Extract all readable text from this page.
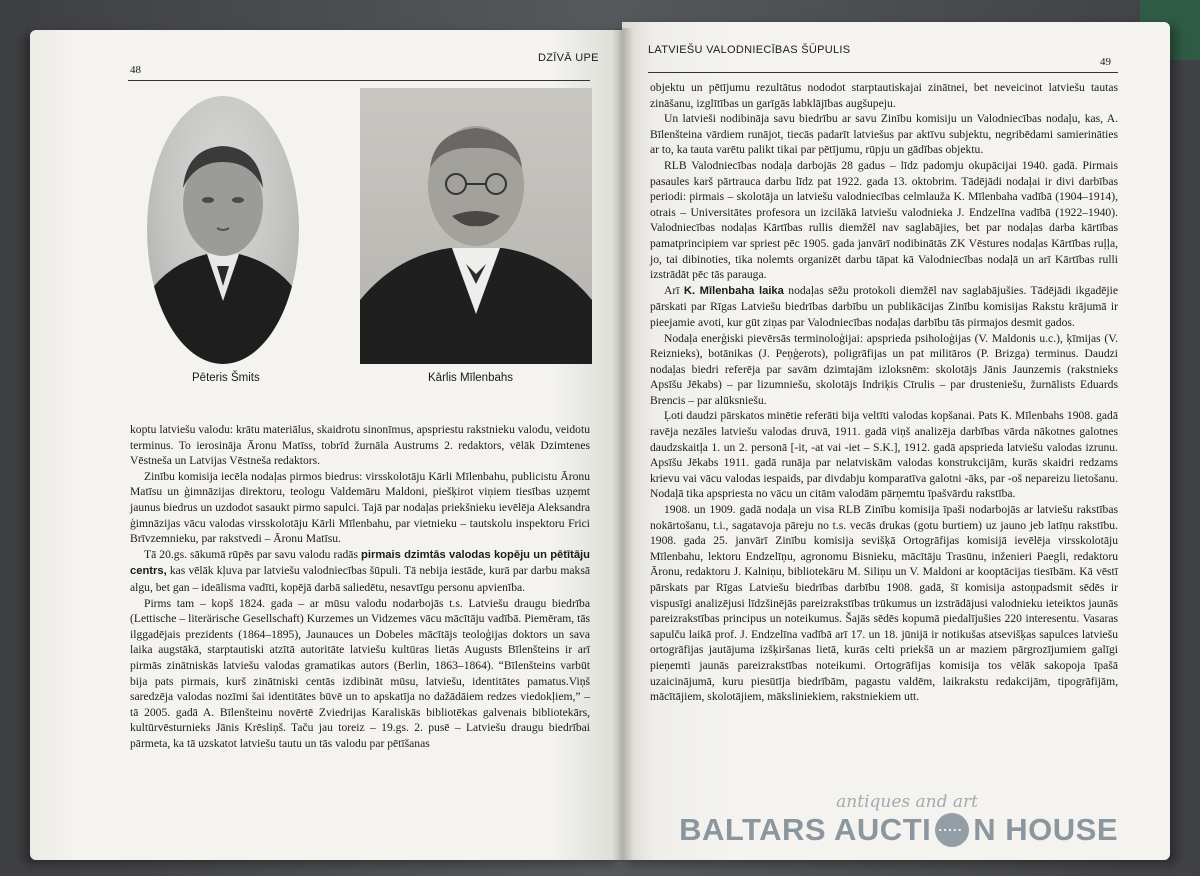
48
DZĪVĀ UPE
Pēteris Šmits	Kārlis Mīlenbahs

koptu latviešu valodu: krātu materiālus, skaidrotu sinonīmus, apspriestu rakstnieku valodu, veidotu terminus. To ierosināja Āronu Matīss, tobrīd žurnāla Austrums 2. redaktors, vēlāk Dzimtenes Vēstneša un Latvijas Vēstneša redaktors.

Zinību komisija iecēla nodaļas pirmos biedrus: virsskolotāju Kārli Mīlenbahu, publicistu Āronu Matīsu un ģimnāzijas direktoru, teologu Valdemāru Maldoni, piešķirot viņiem tiesības uzņemt jaunus biedrus un uzdodot sasaukt pirmo sapulci. Tajā par nodaļas priekšnieku ievēlēja Aleksandra ģimnāzijas vācu valodas virsskolotāju Kārli Mīlenbahu, par vietnieku – tautskolu inspektoru Frici Brīvzemnieku, par rakstvedi – Āronu Matīsu.

Tā 20.gs. sākumā rūpēs par savu valodu radās pirmais dzimtās valodas kopēju un pētītāju centrs, kas vēlāk kļuva par latviešu valodniecības šūpuli. Tā nebija iestāde, kurā par darbu maksā algu, bet gan – ideālisma vadīti, kopējā darbā saliedētu, nesavtīgu personu apvienība.

Pirms tam – kopš 1824. gada – ar mūsu valodu nodarbojās t.s. Latviešu draugu biedrība (Lettische – literärische Gesellschaft) Kurzemes un Vidzemes vācu mācītāju vadībā. Piemēram, tās ilggadējais prezidents (1864–1895), Jaunauces un Dobeles mācītājs teoloģijas doktors un sava laika augstākā, starptautiski atzītā autoritāte latviešu kultūras lietās Augusts Bīlenšteins ir arī pirmās zinātniskās latviešu valodas gramatikas autors (Berlin, 1863–1864). “Bīlenšteins varbūt bija pats pirmais, kurš zinātniski centās izdibināt mūsu, latviešu, identitātes pamatus.Viņš saredzēja valodas nozīmi šai identitātes būvē un to apskatīja no dažādāiem redzes viedokļiem,” – tā 2005. gadā A. Bīlenšteinu novērtē Zviedrijas Karaliskās bibliotēkas galvenais bibliotekārs, kultūrvēsturnieks Jānis Krēsliņš. Taču jau toreiz – 19.gs. 2. pusē – Latviešu draugu biedrībai pārmeta, ka tā uzskatot latviešu tautu un tās valodu par pētīšanas

LATVIEŠU VALODNIECĪBAS ŠŪPULIS
49

objektu un pētījumu rezultātus nododot starptautiskajai zinātnei, bet neveicinot latviešu tautas zināšanu, izglītības un garīgās labklājības augšupeju.

Un latvieši nodibināja savu biedrību ar savu Zinību komisiju un Valodniecības nodaļu, kas, A. Bīlenšteina vārdiem runājot, tiecās padarīt latviešus par aktīvu subjektu, negribēdami samierināties ar to, ka tauta varētu palikt tikai par pētījumu, rūpju un gādības objektu.

RLB Valodniecības nodaļa darbojās 28 gadus – līdz padomju okupācijai 1940. gadā. Pirmais pasaules karš pārtrauca darbu līdz pat 1922. gada 13. oktobrim. Tādējādi nodaļai ir divi darbības periodi: pirmais – skolotāja un latviešu valodniecības celmlauža K. Mīlenbaha vadībā (1904–1914), otrais – Universitātes profesora un izcilākā latviešu valodnieka J. Endzelīna vadībā (1922–1940). Valodniecības nodaļas Kārtības rullis diemžēl nav saglabājies, bet par nodaļas darba kārtības pamatprincipiem var spriest pēc 1905. gada janvārī nodibinātās ZK Vēstures nodaļas Kārtības ruļļa, jo, tai dibinoties, tika nolemts organizēt darbu tāpat kā Valodniecības nodaļā un arī Kārtības rulli izstrādāt pēc tās parauga.

Arī K. Mīlenbaha laika nodaļas sēžu protokoli diemžēl nav saglabājušies. Tādējādi ikgadējie pārskati par Rīgas Latviešu biedrības darbību un publikācijas Zinību komisijas Rakstu krājumā ir pieejamie avoti, kur gūt ziņas par Valodniecības nodaļas darbību tās pirmajos desmit gados.

Nodaļa enerģiski pievērsās terminoloģijai: apsprieda psiholoģijas (V. Maldonis u.c.), ķīmijas (V. Reiznieks), botānikas (J. Peņģerots), poligrāfijas un pat militāros (P. Brizga) terminus. Daudzi nodaļas biedri referēja par savām dzimtajām izloksnēm: skolotājs Jānis Jaunzemis (rakstnieks Apsīšu Jēkabs) – par lizumniešu, skolotājs Indriķis Cīrulis – par drusteniešu, žurnālists Eduards Brencis – par alūksniešu.

Ļoti daudzi pārskatos minētie referāti bija veltīti valodas kopšanai. Pats K. Mīlenbahs 1908. gadā ravēja nezāles latviešu valodas druvā, 1911. gadā viņš analizēja darbības vārda nākotnes galotnes daudzskaitļa 1. un 2. personā [-it, -at vai -iet – S.K.], 1912. gadā apsprieda latviešu valodas izrunu. Apsīšu Jēkabs 1911. gadā runāja par nelatviskām valodas konstrukcijām, kurās skaidri redzams krievu vai vācu valodas iespaids, par divdabju komparatīva galotni -āks, par -oš nepareizu lietošanu. Nodaļā tika apspriesta no vācu un citām valodām pārņemtu īpašvārdu rakstība.

1908. un 1909. gadā nodaļa un visa RLB Zinību komisija īpaši nodarbojās ar latviešu rakstības nokārtošanu, t.i., sagatavoja pāreju no t.s. vecās drukas (gotu burtiem) uz jauno jeb latīņu rakstību. 1908. gada 25. janvārī Zinību komisija sevišķā Ortogrāfijas komisijā ievēlēja virsskolotāju Mīlenbahu, lektoru Endzelīņu, agronomu Bisnieku, mācītāju Trasūnu, inženieri Paegli, redaktoru Āronu, redaktoru J. Kalniņu, bibliotekāru M. Siliņu un V. Maldoni ar kooptācijas tiesībām. Kā vēstī pārskats par Rīgas Latviešu biedrības darbību 1908. gadā, šī komisija astoņpadsmit sēdēs ir vispusīgi analizējusi līdzšinējās pareizrakstības trūkumus un izstrādājusi valodnieku ieteiktos jaunās pareizrakstības principus un noteikumus. Šajās sēdēs kopumā piedalījušies 220 interesentu. Vasaras sapulču laikā prof. J. Endzelīna vadībā arī 17. un 18. jūnijā ir notikušas atsevišķas sapulces latviešu ortogrāfijas jautājuma izšķiršanas lietā, kurās celti priekšā un ar maziem pārgrozījumiem galīgi pieņemti jaunās pareizrakstības noteikumi. Ortogrāfijas komisija tos vēlāk sakopoja īpašā uzaicinājumā, kuru piesūtīja biedrībām, pagastu valdēm, laikrakstu redakcijām, tipogrāfijām, mācītājiem, skolotājiem, māksliniekiem, rakstniekiem utt.

antiques and art
BALTARS AUCTI
..... N HOUSE
